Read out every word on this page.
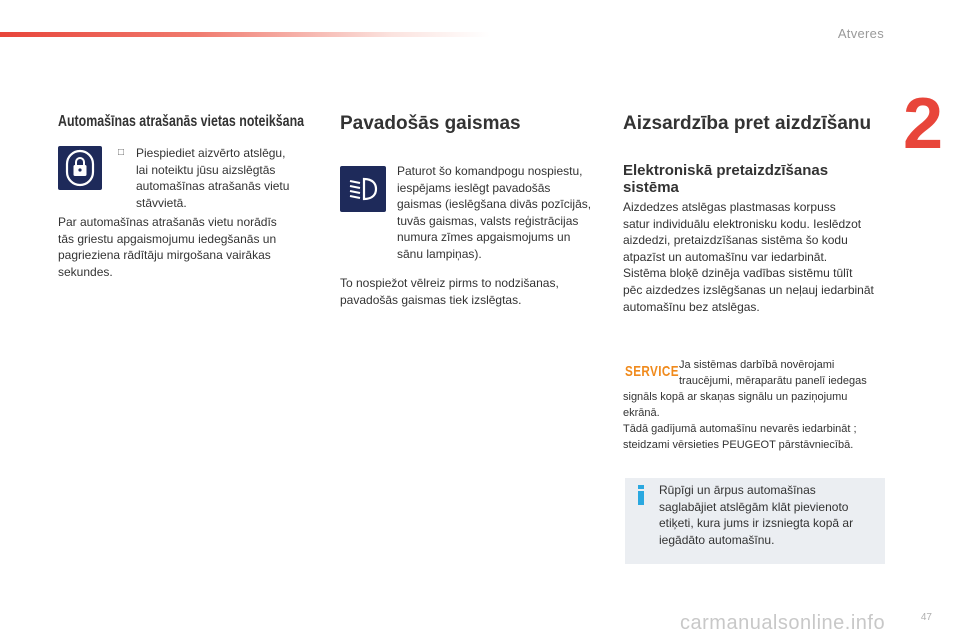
Atveres
2
Automašīnas atrašanās vietas noteikšana
□ Piespiediet aizvērto atslēgu,
lai noteiktu jūsu aizslēgtās
automašīnas atrašanās vietu
stāvvietā.
Par automašīnas atrašanās vietu norādīs
tās griestu apgaismojumu iedegšanās un
pagrieziena rādītāju mirgošana vairākas
sekundes.
Pavadošās gaismas
Paturot šo komandpogu nospiestu,
iespējams ieslēgt pavadošās
gaismas (ieslēgšana divās pozīcijās,
tuvās gaismas, valsts reģistrācijas
numura zīmes apgaismojums un
sānu lampiņas).
To nospiežot vēlreiz pirms to nodzišanas,
pavadošās gaismas tiek izslēgtas.
Aizsardzība pret aizdzīšanu
Elektroniskā pretaizdzīšanas
sistēma
Aizdedzes atslēgas plastmasas korpuss
satur individuālu elektronisku kodu. Ieslēdzot
aizdedzi, pretaizdzīšanas sistēma šo kodu
atpazīst un automašīnu var iedarbināt.
Sistēma bloķē dzinēja vadības sistēmu tūlīt
pēc aizdedzes izslēgšanas un neļauj iedarbināt
automašīnu bez atslēgas.
SERVICE Ja sistēmas darbībā novērojami
traucējumi, mēraparātu panelī iedegas
signāls kopā ar skaņas signālu un paziņojumu
ekrānā.
Tādā gadījumā automašīnu nevarēs iedarbināt ;
steidzami vērsieties PEUGEOT pārstāvniecībā.
Rūpīgi un ārpus automašīnas
saglabājiet atslēgām klāt pievienoto
etiķeti, kura jums ir izsniegta kopā ar
iegādāto automašīnu.
carmanualsonline.info	47
